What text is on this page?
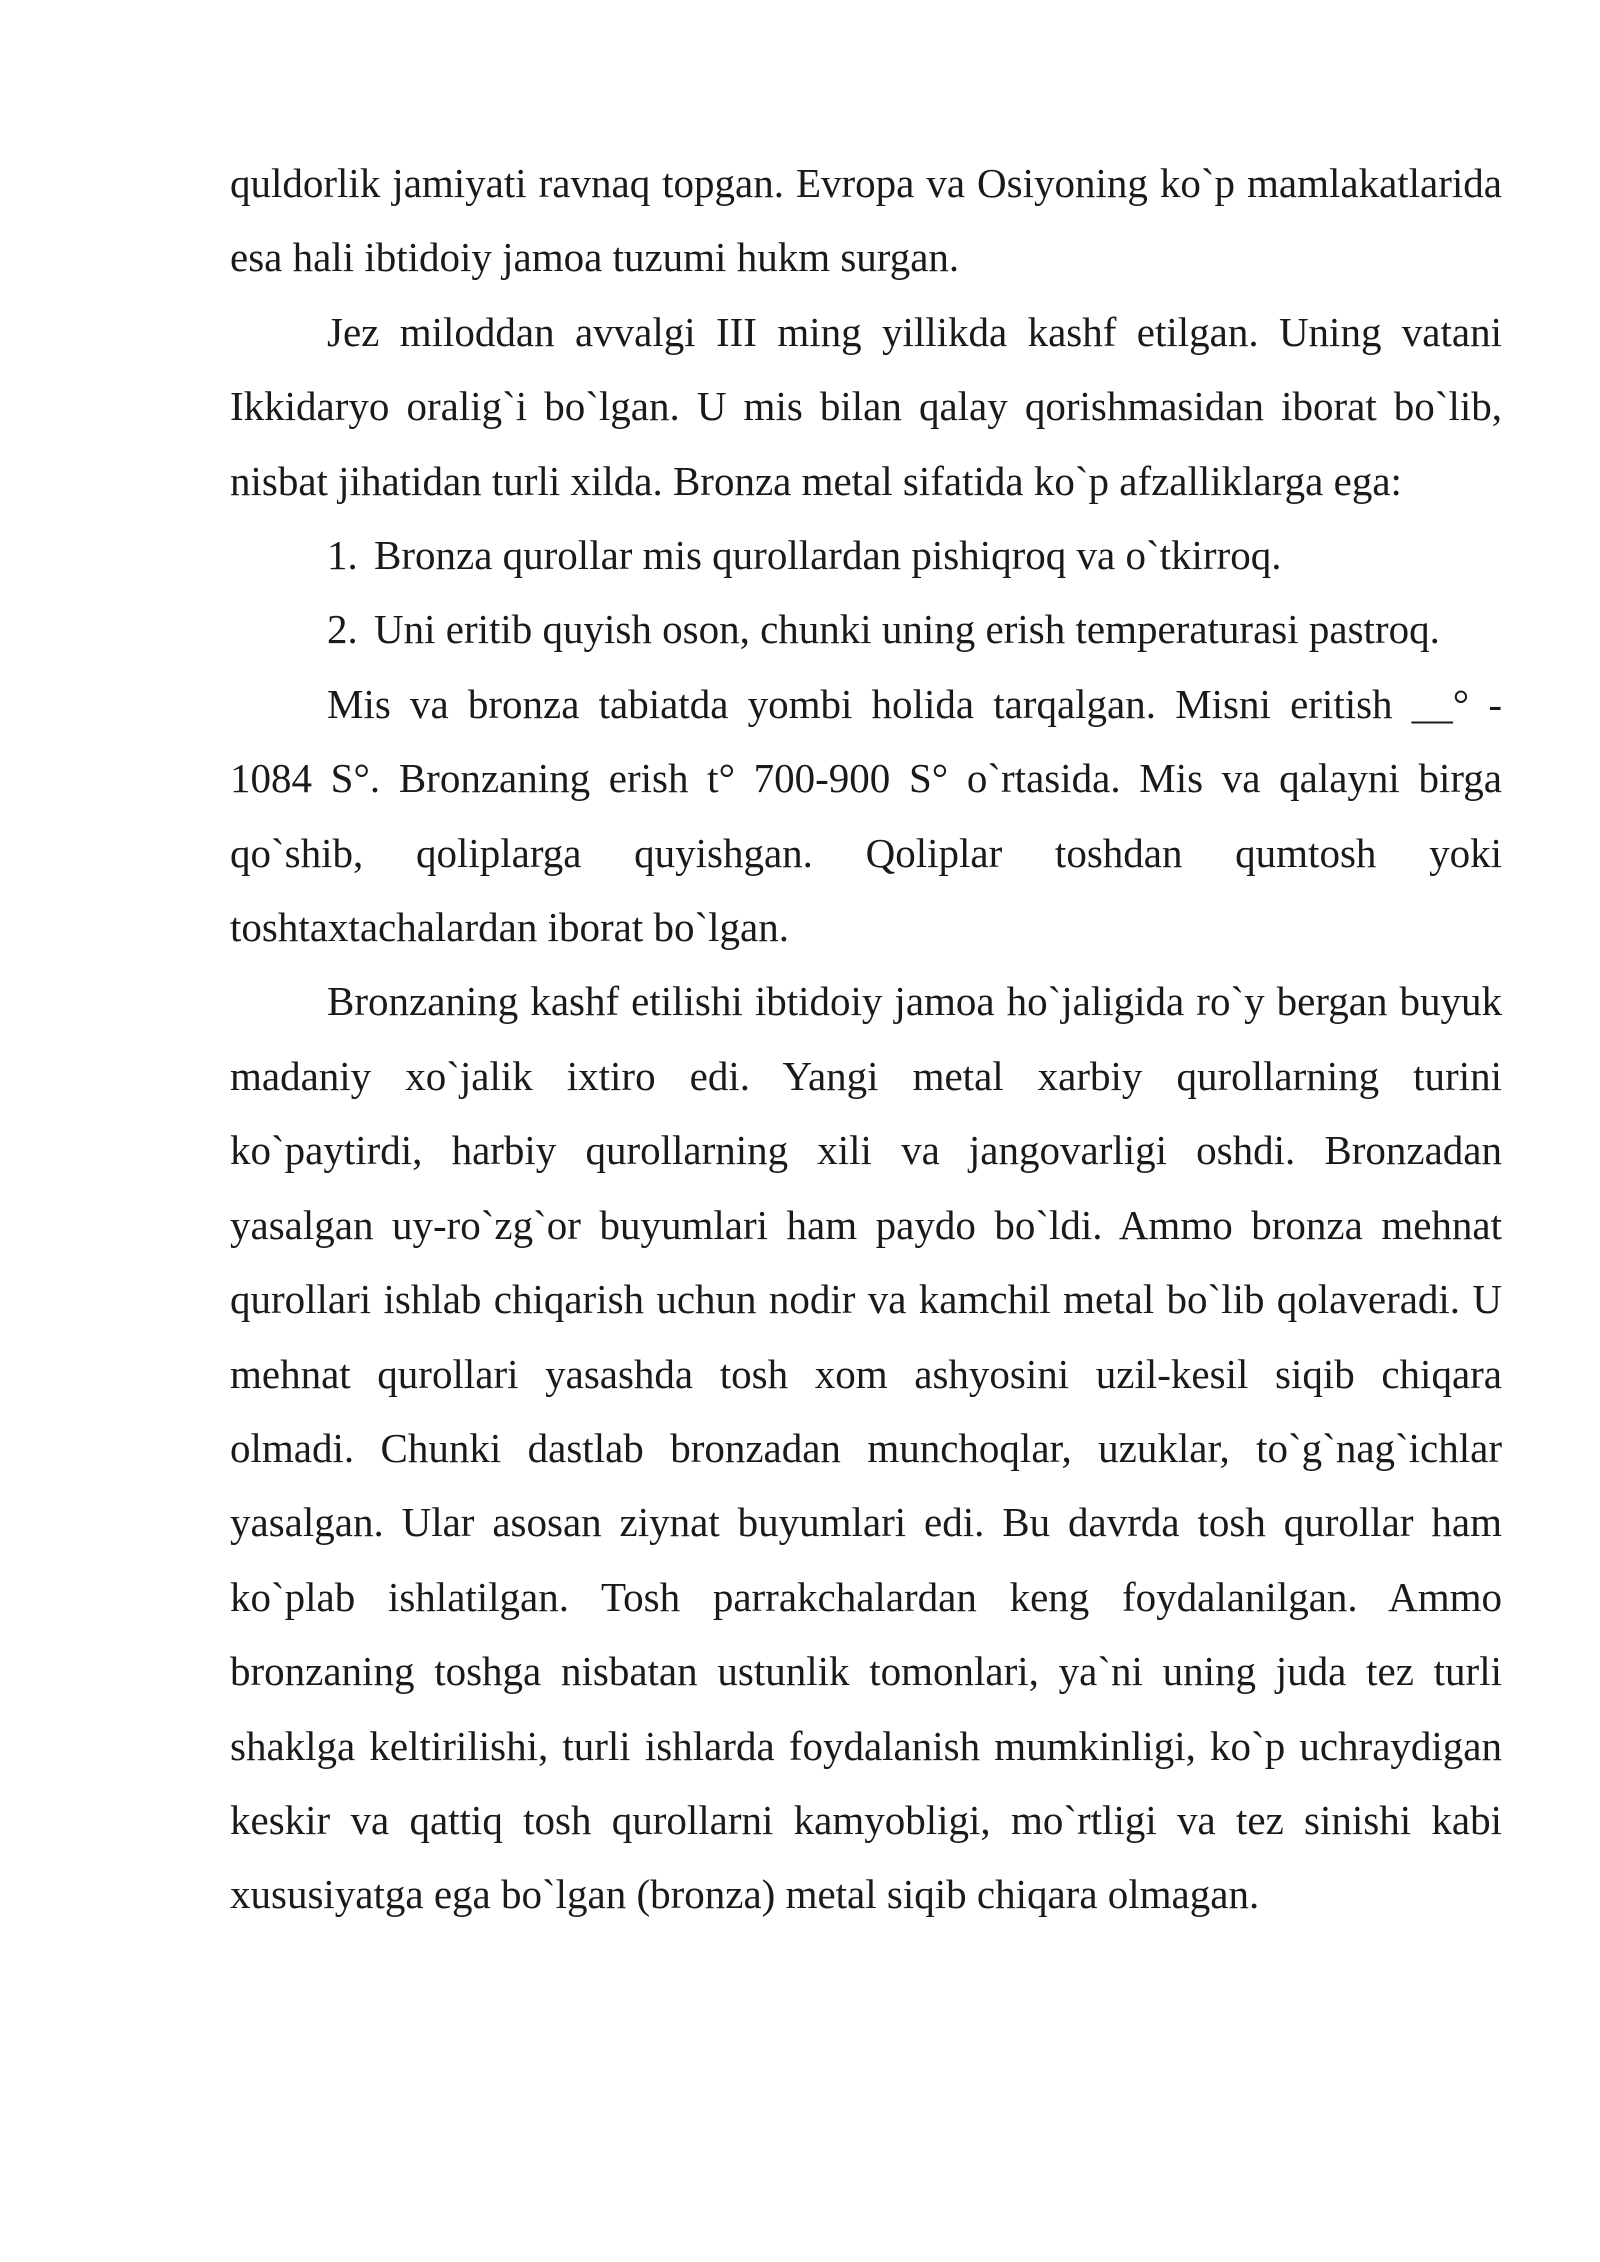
quldorlik jamiyati ravnaq topgan. Evropa va Osiyoning ko`p mamlakatlarida esa hali ibtidoiy jamoa tuzumi hukm surgan.

Jez miloddan avvalgi III ming yillikda kashf etilgan. Uning vatani Ikkidaryo oralig`i bo`lgan. U mis bilan qalay qorishmasidan iborat bo`lib, nisbat jihatidan turli xilda. Bronza metal sifatida ko`p afzalliklarga ega:

1. Bronza qurollar mis qurollardan pishiqroq va o`tkirroq.
2. Uni eritib quyish oson, chunki uning erish temperaturasi pastroq.

Mis va bronza tabiatda yombi holida tarqalgan. Misni eritish __° - 1084 S°. Bronzaning erish t° 700-900 S° o`rtasida. Mis va qalayni birga qo`shib, qoliplarga quyishgan. Qoliplar toshdan qumtosh yoki toshtaxtachalardan iborat bo`lgan.

Bronzaning kashf etilishi ibtidoiy jamoa ho`jaligida ro`y bergan buyuk madaniy xo`jalik ixtiro edi. Yangi metal xarbiy qurollarning turini ko`paytirdi, harbiy qurollarning xili va jangovarligi oshdi. Bronzadan yasalgan uy-ro`zg`or buyumlari ham paydo bo`ldi. Ammo bronza mehnat qurollari ishlab chiqarish uchun nodir va kamchil metal bo`lib qolaveradi. U mehnat qurollari yasashda tosh xom ashyosini uzil-kesil siqib chiqara olmadi. Chunki dastlab bronzadan munchoqlar, uzuklar, to`g`nag`ichlar yasalgan. Ular asosan ziynat buyumlari edi. Bu davrda tosh qurollar ham ko`plab ishlatilgan. Tosh parrakchalardan keng foydalanilgan. Ammo bronzaning toshga nisbatan ustunlik tomonlari, ya`ni uning juda tez turli shaklga keltirilishi, turli ishlarda foydalanish mumkinligi, ko`p uchraydigan keskir va qattiq tosh qurollarni kamyobligi, mo`rtligi va tez sinishi kabi xususiyatga ega bo`lgan (bronza) metal siqib chiqara olmagan.
